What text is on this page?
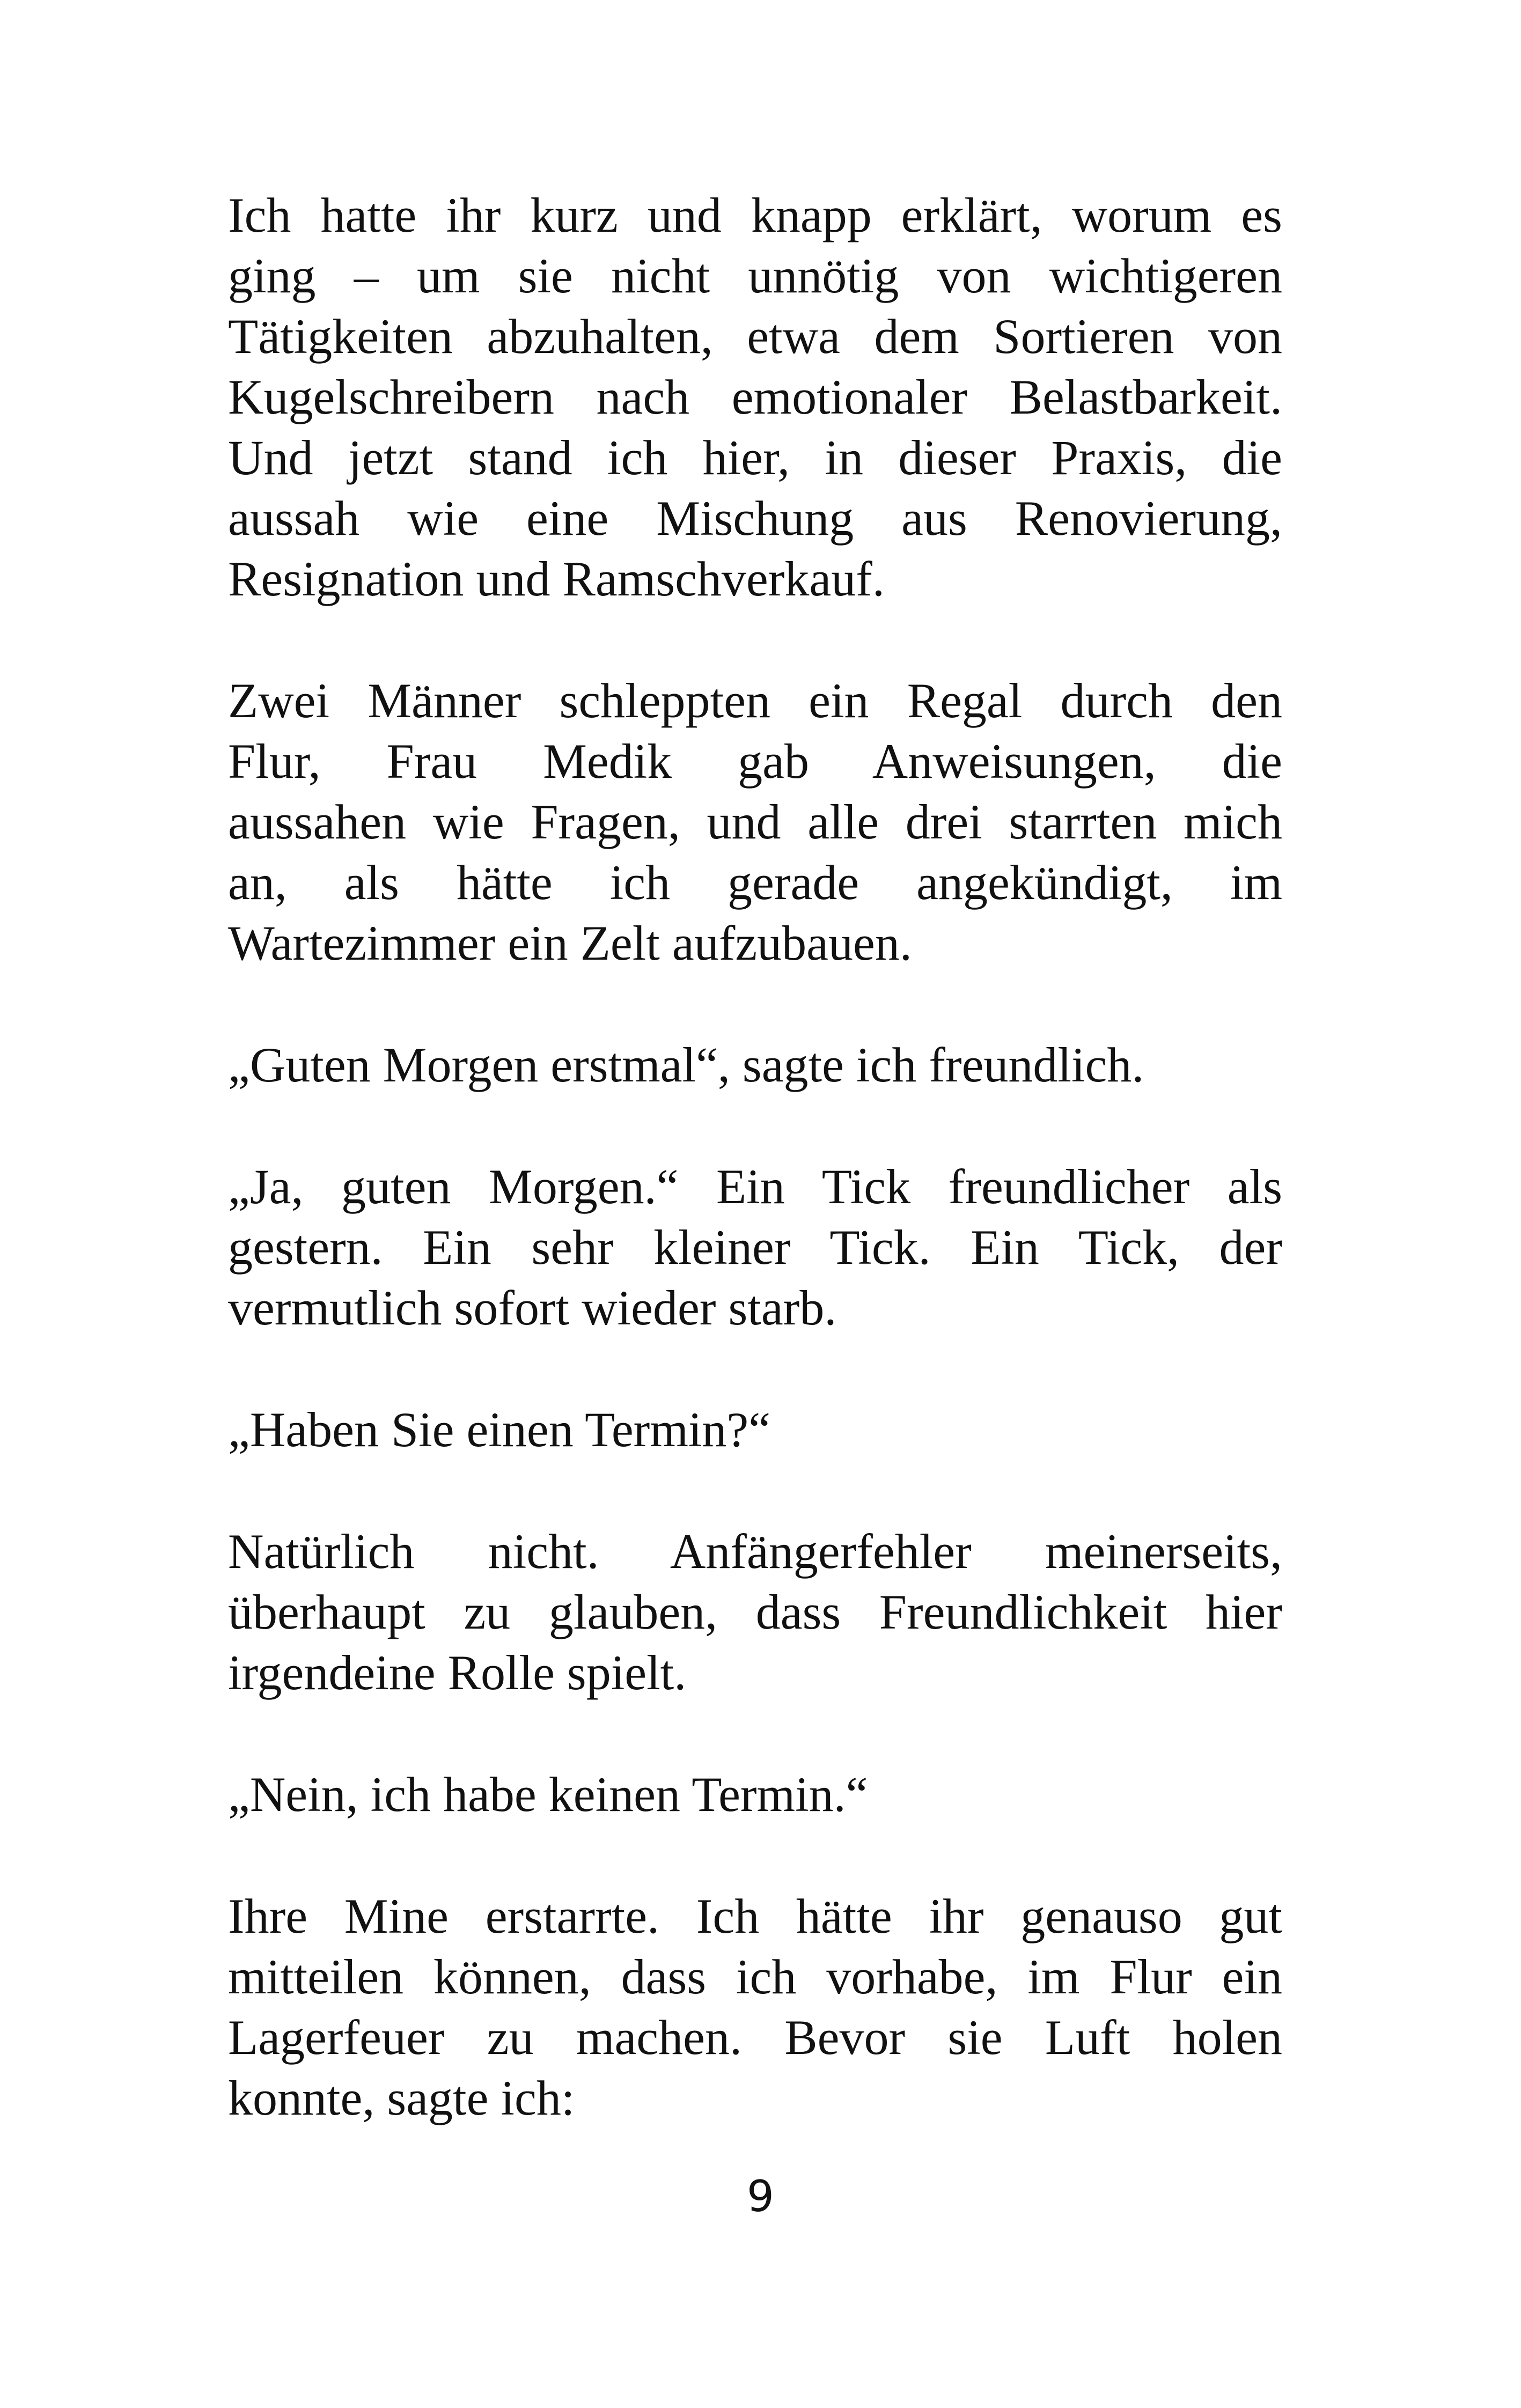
Ich hatte ihr kurz und knapp erklärt, worum es
ging – um sie nicht unnötig von wichtigeren
Tätigkeiten abzuhalten, etwa dem Sortieren von
Kugelschreibern nach emotionaler Belastbarkeit.
Und jetzt stand ich hier, in dieser Praxis, die
aussah wie eine Mischung aus Renovierung,
Resignation und Ramschverkauf.

Zwei Männer schleppten ein Regal durch den
Flur, Frau Medik gab Anweisungen, die
aussahen wie Fragen, und alle drei starrten mich
an, als hätte ich gerade angekündigt, im
Wartezimmer ein Zelt aufzubauen.

„Guten Morgen erstmal“, sagte ich freundlich.

„Ja, guten Morgen.“ Ein Tick freundlicher als
gestern. Ein sehr kleiner Tick. Ein Tick, der
vermutlich sofort wieder starb.

„Haben Sie einen Termin?“

Natürlich nicht. Anfängerfehler meinerseits,
überhaupt zu glauben, dass Freundlichkeit hier
irgendeine Rolle spielt.

„Nein, ich habe keinen Termin.“

Ihre Mine erstarrte. Ich hätte ihr genauso gut
mitteilen können, dass ich vorhabe, im Flur ein
Lagerfeuer zu machen. Bevor sie Luft holen
konnte, sagte ich:

9
